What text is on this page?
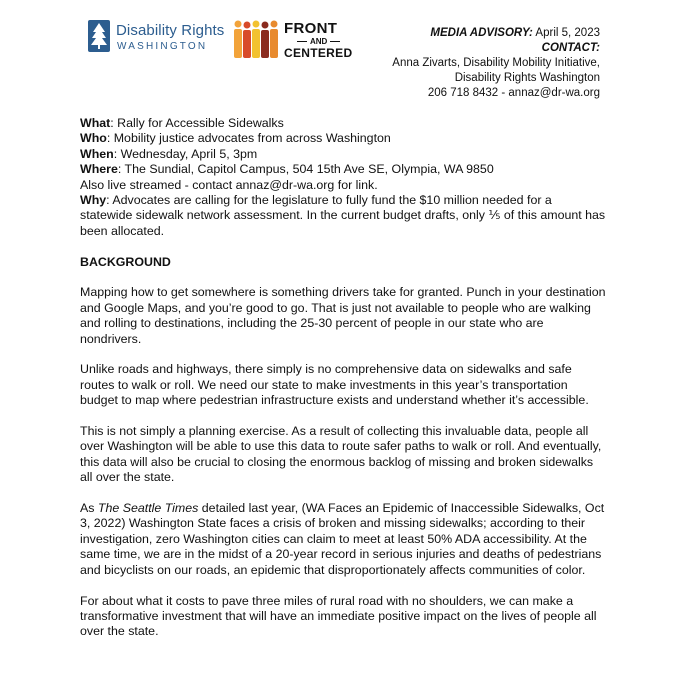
Disability Rights
WASHINGTON
FRONT
AND
CENTERED
MEDIA ADVISORY: April 5, 2023
CONTACT:
Anna Zivarts, Disability Mobility Initiative,
Disability Rights Washington
206 718 8432 - annaz@dr-wa.org

What: Rally for Accessible Sidewalks

Who: Mobility justice advocates from across Washington

When: Wednesday, April 5, 3pm

Where: The Sundial, Capitol Campus, 504 15th Ave SE, Olympia, WA 9850

Also live streamed - contact annaz@dr-wa.org for link.

Why: Advocates are calling for the legislature to fully fund the $10 million needed for a

statewide sidewalk network assessment. In the current budget drafts, only ⅕ of this amount has

been allocated.

BACKGROUND

Mapping how to get somewhere is something drivers take for granted. Punch in your destination

and Google Maps, and you’re good to go. That is just not available to people who are walking

and rolling to destinations, including the 25-30 percent of people in our state who are

nondrivers.

Unlike roads and highways, there simply is no comprehensive data on sidewalks and safe

routes to walk or roll. We need our state to make investments in this year’s transportation

budget to map where pedestrian infrastructure exists and understand whether it’s accessible.

This is not simply a planning exercise. As a result of collecting this invaluable data, people all

over Washington will be able to use this data to route safer paths to walk or roll. And eventually,

this data will also be crucial to closing the enormous backlog of missing and broken sidewalks

all over the state.

As The Seattle Times detailed last year, (WA Faces an Epidemic of Inaccessible Sidewalks, Oct

3, 2022) Washington State faces a crisis of broken and missing sidewalks; according to their

investigation, zero Washington cities can claim to meet at least 50% ADA accessibility. At the

same time, we are in the midst of a 20-year record in serious injuries and deaths of pedestrians

and bicyclists on our roads, an epidemic that disproportionately affects communities of color.

For about what it costs to pave three miles of rural road with no shoulders, we can make a

transformative investment that will have an immediate positive impact on the lives of people all

over the state.
